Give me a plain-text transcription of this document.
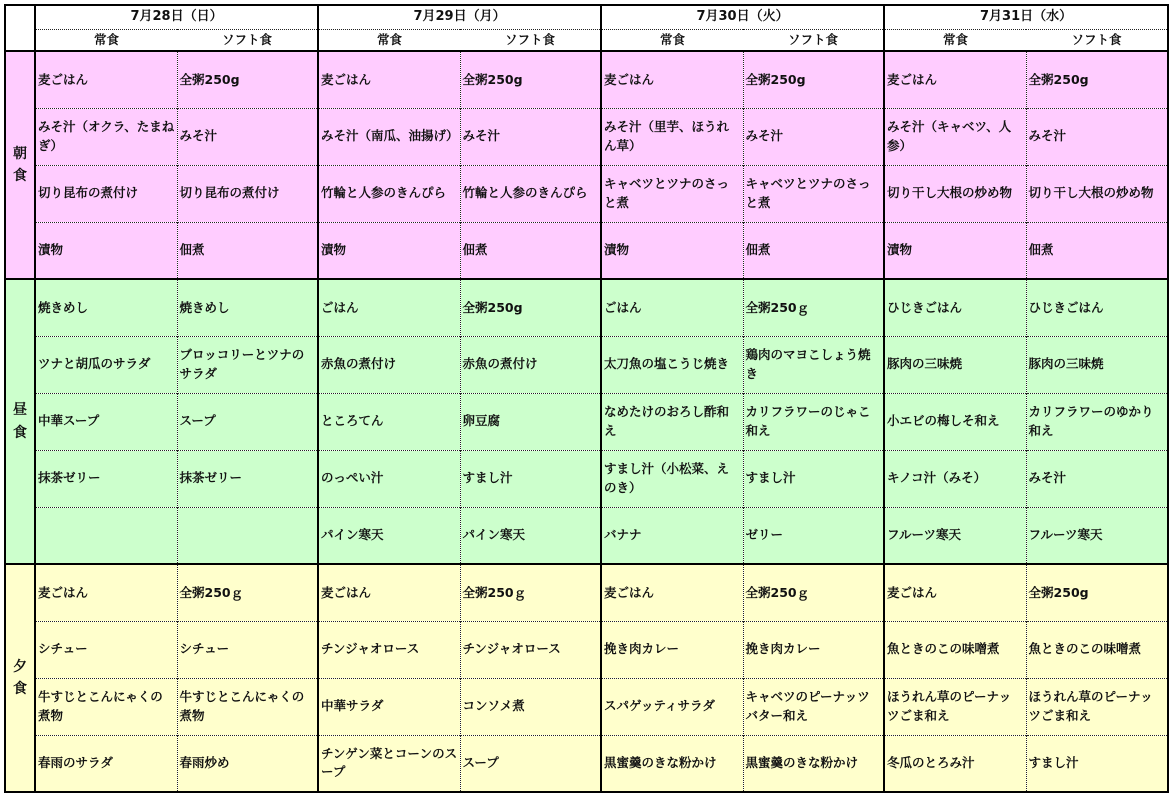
	7月28日（日）		7月29日（月）		7月30日（火）		7月31日（水）	
	常食	ソフト食	常食	ソフト食	常食	ソフト食	常食	ソフト食
朝食	麦ごはん	全粥250g	麦ごはん	全粥250g	麦ごはん	全粥250g	麦ごはん	全粥250g
	みそ汁（オクラ、たまねぎ）	みそ汁	みそ汁（南瓜、油揚げ）	みそ汁	みそ汁（里芋、ほうれん草）	みそ汁	みそ汁（キャベツ、人参）	みそ汁
	切り昆布の煮付け	切り昆布の煮付け	竹輪と人参のきんぴら	竹輪と人参のきんぴら	キャベツとツナのさっと煮	キャベツとツナのさっと煮	切り干し大根の炒め物	切り干し大根の炒め物
	漬物	佃煮	漬物	佃煮	漬物	佃煮	漬物	佃煮
昼食	焼きめし	焼きめし	ごはん	全粥250g	ごはん	全粥250ｇ	ひじきごはん	ひじきごはん
	ツナと胡瓜のサラダ	ブロッコリーとツナのサラダ	赤魚の煮付け	赤魚の煮付け	太刀魚の塩こうじ焼き	鶏肉のマヨこしょう焼き	豚肉の三味焼	豚肉の三味焼
	中華スープ	スープ	ところてん	卵豆腐	なめたけのおろし酢和え	カリフラワーのじゃこ和え	小エビの梅しそ和え	カリフラワーのゆかり和え
	抹茶ゼリー	抹茶ゼリー	のっぺい汁	すまし汁	すまし汁（小松菜、えのき）	すまし汁	キノコ汁（みそ）	みそ汁
			パイン寒天	パイン寒天	バナナ	ゼリー	フルーツ寒天	フルーツ寒天
夕食	麦ごはん	全粥250ｇ	麦ごはん	全粥250ｇ	麦ごはん	全粥250ｇ	麦ごはん	全粥250g
	シチュー	シチュー	チンジャオロース	チンジャオロース	挽き肉カレー	挽き肉カレー	魚ときのこの味噌煮	魚ときのこの味噌煮
	牛すじとこんにゃくの煮物	牛すじとこんにゃくの煮物	中華サラダ	コンソメ煮	スパゲッティサラダ	キャベツのピーナッツバター和え	ほうれん草のピーナッツごま和え	ほうれん草のピーナッツごま和え
	春雨のサラダ	春雨炒め	チンゲン菜とコーンのスープ	スープ	黒蜜羹のきな粉かけ	黒蜜羹のきな粉かけ	冬瓜のとろみ汁	すまし汁
